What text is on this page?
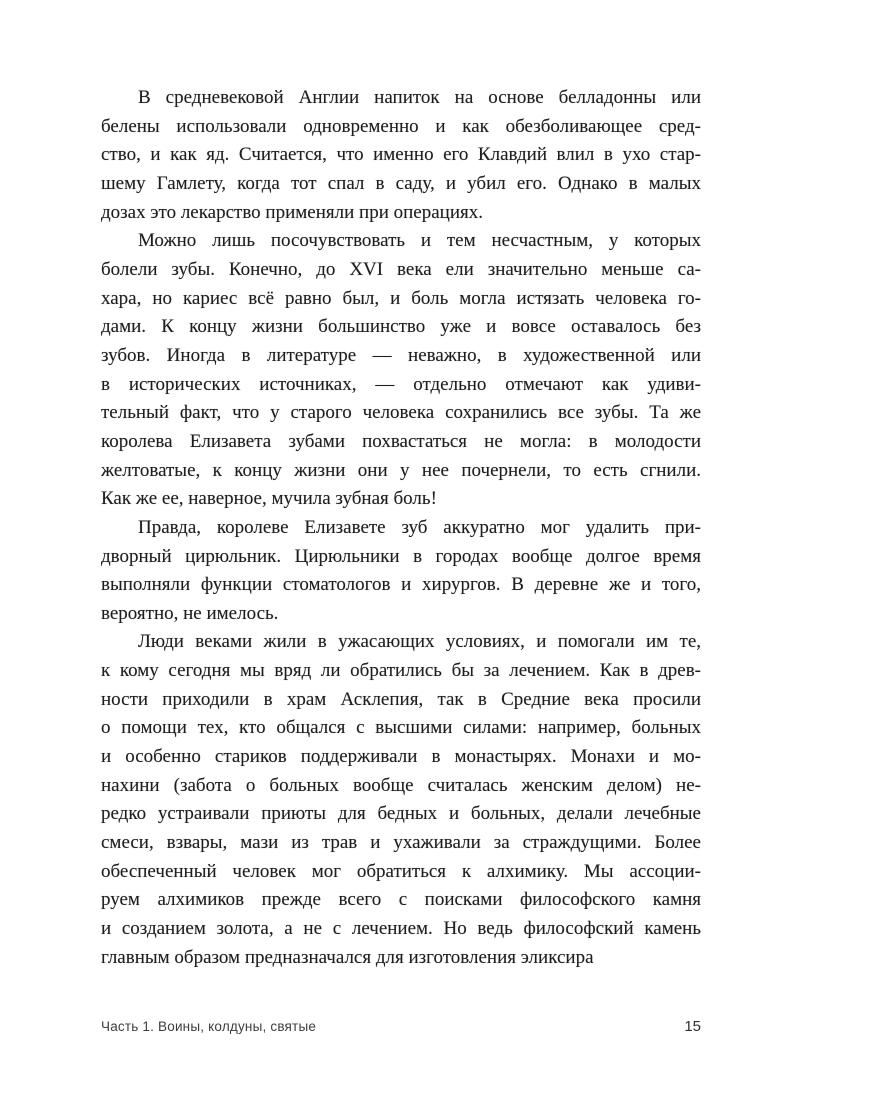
В средневековой Англии напиток на основе белладонны или
белены использовали одновременно и как обезболивающее сред-
ство, и как яд. Считается, что именно его Клавдий влил в ухо стар-
шему Гамлету, когда тот спал в саду, и убил его. Однако в малых
дозах это лекарство применяли при операциях.
Можно лишь посочувствовать и тем несчастным, у которых
болели зубы. Конечно, до XVI века ели значительно меньше са-
хара, но кариес всё равно был, и боль могла истязать человека го-
дами. К концу жизни большинство уже и вовсе оставалось без
зубов. Иногда в литературе — неважно, в художественной или
в исторических источниках, — отдельно отмечают как удиви-
тельный факт, что у старого человека сохранились все зубы. Та же
королева Елизавета зубами похвастаться не могла: в молодости
желтоватые, к концу жизни они у нее почернели, то есть сгнили.
Как же ее, наверное, мучила зубная боль!
Правда, королеве Елизавете зуб аккуратно мог удалить при-
дворный цирюльник. Цирюльники в городах вообще долгое время
выполняли функции стоматологов и хирургов. В деревне же и того,
вероятно, не имелось.
Люди веками жили в ужасающих условиях, и помогали им те,
к кому сегодня мы вряд ли обратились бы за лечением. Как в древ-
ности приходили в храм Асклепия, так в Средние века просили
о помощи тех, кто общался с высшими силами: например, больных
и особенно стариков поддерживали в монастырях. Монахи и мо-
нахини (забота о больных вообще считалась женским делом) не-
редко устраивали приюты для бедных и больных, делали лечебные
смеси, взвары, мази из трав и ухаживали за страждущими. Более
обеспеченный человек мог обратиться к алхимику. Мы ассоции-
руем алхимиков прежде всего с поисками философского камня
и созданием золота, а не с лечением. Но ведь философский камень
главным образом предназначался для изготовления эликсира
Часть 1. Воины, колдуны, святые	15
